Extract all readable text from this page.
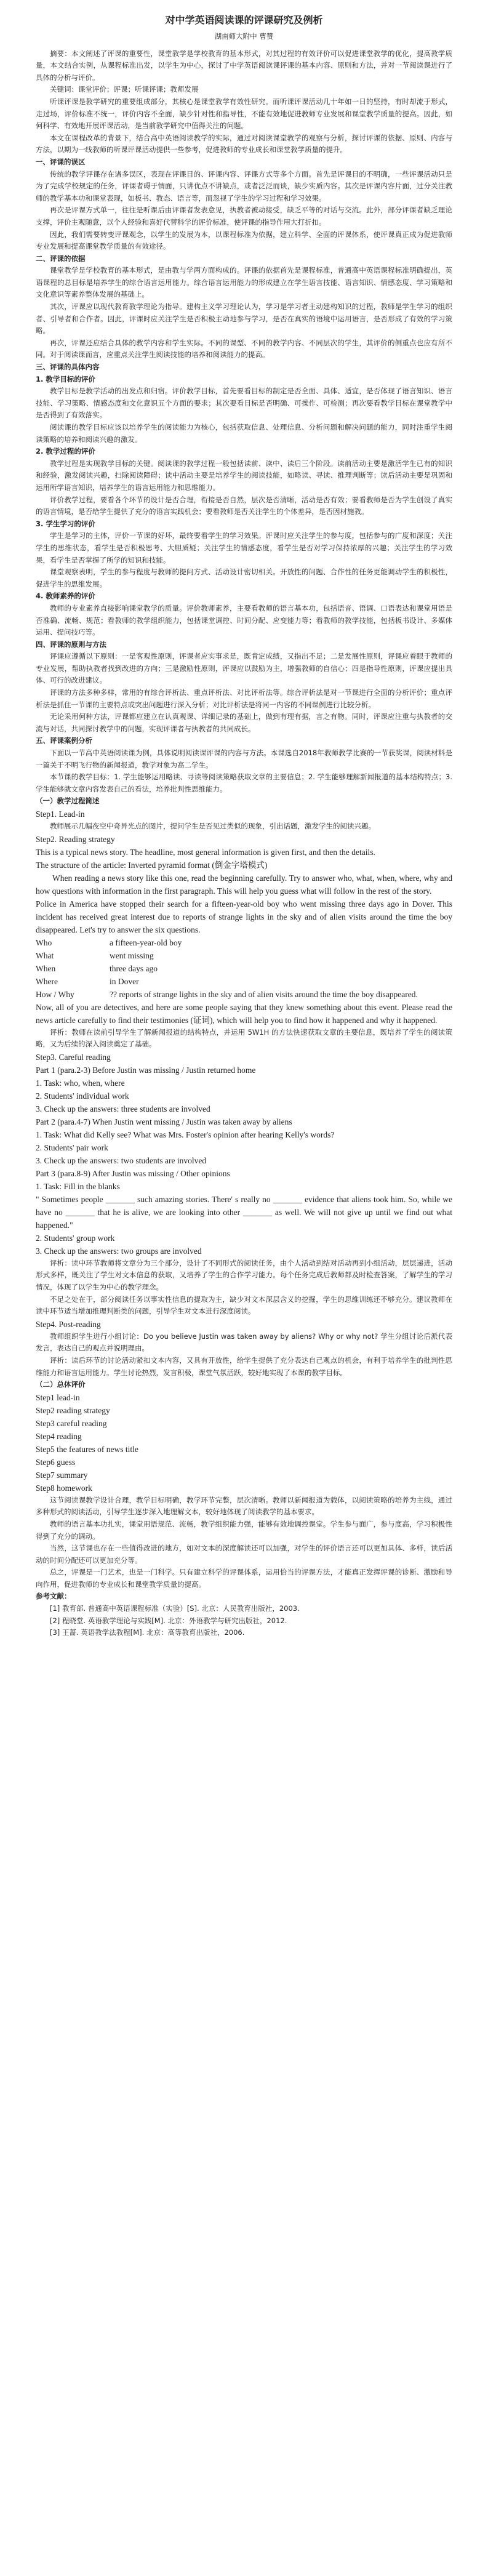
对中学英语阅读课的评课研究及例析
湖南师大附中 曹赞

摘要：本文阐述了评课的重要性，课堂教学是学校教育的基本形式，对其过程的有效评价可以促进课堂教学的优化，提高教学质量，本文结合实例，从课程标准出发，以学生为中心，探讨了中学英语阅读课评课的基本内容、原则和方法，并对一节阅读课进行了具体的分析与评价。

关键词：课堂评价；评课；听课评课；教师发展

听课评课是教学研究的重要组成部分，其核心是课堂教学有效性研究。而听课评课活动几十年如一日的坚持，有时却流于形式，走过场，评价标准不统一，评价内容不全面，缺少针对性和指导性，不能有效地促进教师专业发展和课堂教学质量的提高。因此，如何科学、有效地开展评课活动，是当前教学研究中值得关注的问题。

本文在课程改革的背景下，结合高中英语阅读教学的实际，通过对阅读课堂教学的观察与分析，探讨评课的依据、原则、内容与方法，以期为一线教师的听课评课活动提供一些参考，促进教师的专业成长和课堂教学质量的提升。

一、评课的误区

传统的教学评课存在诸多误区，表现在评课目的、评课内容、评课方式等多个方面。首先是评课目的不明确，一些评课活动只是为了完成学校规定的任务，评课者碍于情面，只讲优点不讲缺点，或者泛泛而谈，缺少实质内容。其次是评课内容片面，过分关注教师的教学基本功和课堂表现，如板书、教态、语言等，而忽视了学生的学习过程和学习效果。

再次是评课方式单一，往往是听课后由评课者发表意见，执教者被动接受，缺乏平等的对话与交流。此外，部分评课者缺乏理论支撑，评价主观随意，以个人经验和喜好代替科学的评价标准，使评课的指导作用大打折扣。

因此，我们需要转变评课观念，以学生的发展为本，以课程标准为依据，建立科学、全面的评课体系，使评课真正成为促进教师专业发展和提高课堂教学质量的有效途径。

二、评课的依据

课堂教学是学校教育的基本形式，是由教与学两方面构成的。评课的依据首先是课程标准，普通高中英语课程标准明确提出，英语课程的总目标是培养学生的综合语言运用能力。综合语言运用能力的形成建立在学生语言技能、语言知识、情感态度、学习策略和文化意识等素养整体发展的基础上。

其次，评课应以现代教育教学理论为指导。建构主义学习理论认为，学习是学习者主动建构知识的过程，教师是学生学习的组织者、引导者和合作者。因此，评课时应关注学生是否积极主动地参与学习，是否在真实的语境中运用语言，是否形成了有效的学习策略。

再次，评课还应结合具体的教学内容和学生实际。不同的课型、不同的教学内容、不同层次的学生，其评价的侧重点也应有所不同。对于阅读课而言，应重点关注学生阅读技能的培养和阅读能力的提高。

三、评课的具体内容

1. 教学目标的评价

教学目标是教学活动的出发点和归宿。评价教学目标，首先要看目标的制定是否全面、具体、适宜，是否体现了语言知识、语言技能、学习策略、情感态度和文化意识五个方面的要求；其次要看目标是否明确、可操作、可检测；再次要看教学目标在课堂教学中是否得到了有效落实。

阅读课的教学目标应该以培养学生的阅读能力为核心，包括获取信息、处理信息、分析问题和解决问题的能力，同时注重学生阅读策略的培养和阅读兴趣的激发。

2. 教学过程的评价

教学过程是实现教学目标的关键。阅读课的教学过程一般包括读前、读中、读后三个阶段。读前活动主要是激活学生已有的知识和经验，激发阅读兴趣，扫除阅读障碍；读中活动主要是培养学生的阅读技能，如略读、寻读、推理判断等；读后活动主要是巩固和运用所学语言知识，培养学生的语言运用能力和思维能力。

评价教学过程，要看各个环节的设计是否合理，衔接是否自然，层次是否清晰，活动是否有效；要看教师是否为学生创设了真实的语言情境，是否给学生提供了充分的语言实践机会；要看教师是否关注学生的个体差异，是否因材施教。

3. 学生学习的评价

学生是学习的主体，评价一节课的好坏，最终要看学生的学习效果。评课时应关注学生的参与度，包括参与的广度和深度；关注学生的思维状态，看学生是否积极思考、大胆质疑；关注学生的情感态度，看学生是否对学习保持浓厚的兴趣；关注学生的学习效果，看学生是否掌握了所学的知识和技能。

课堂观察表明，学生的参与程度与教师的提问方式、活动设计密切相关。开放性的问题、合作性的任务更能调动学生的积极性，促进学生的思维发展。

4. 教师素养的评价

教师的专业素养直接影响课堂教学的质量。评价教师素养，主要看教师的语言基本功，包括语音、语调、口语表达和课堂用语是否准确、流畅、规范；看教师的教学组织能力，包括课堂调控、时间分配、应变能力等；看教师的教学技能，包括板书设计、多媒体运用、提问技巧等。

四、评课的原则与方法

评课应遵循以下原则：一是客观性原则，评课者应实事求是，既肯定成绩，又指出不足；二是发展性原则，评课应着眼于教师的专业发展，帮助执教者找到改进的方向；三是激励性原则，评课应以鼓励为主，增强教师的自信心；四是指导性原则，评课应提出具体、可行的改进建议。

评课的方法多种多样，常用的有综合评析法、重点评析法、对比评析法等。综合评析法是对一节课进行全面的分析评价；重点评析法是抓住一节课的主要特点或突出问题进行深入分析；对比评析法是将同一内容的不同课例进行比较分析。

无论采用何种方法，评课都应建立在认真观课、详细记录的基础上，做到有理有据，言之有物。同时，评课应注重与执教者的交流与对话，共同探讨教学中的问题，实现评课者与执教者的共同成长。

五、评课案例分析

下面以一节高中英语阅读课为例，具体说明阅读课评课的内容与方法。本课选自2018年教师教学比赛的一节获奖课，阅读材料是一篇关于不明飞行物的新闻报道，教学对象为高二学生。

本节课的教学目标：1. 学生能够运用略读、寻读等阅读策略获取文章的主要信息；2. 学生能够理解新闻报道的基本结构特点；3. 学生能够就文章内容发表自己的看法，培养批判性思维能力。

（一）教学过程简述

Step1. Lead-in

教师展示几幅夜空中奇异光点的图片，提问学生是否见过类似的现象，引出话题，激发学生的阅读兴趣。

Step2. Reading strategy

This is a typical news story. The headline, most general information is given first, and then the details.

The structure of the article: Inverted pyramid format (倒金字塔模式)

When reading a news story like this one, read the beginning carefully. Try to answer who, what, when, where, why and how questions with information in the first paragraph. This will help you guess what will follow in the rest of the story.

Police in America have stopped their search for a fifteen-year-old boy who went missing three days ago in Dover. This incident has received great interest due to reports of strange lights in the sky and of alien visits around the time the boy disappeared. Let's try to answer the six questions.

Who	a fifteen-year-old boy
What	went missing
When	three days ago
Where	in Dover
How / Why	?? reports of strange lights in the sky and of alien visits around the time the boy disappeared.

Now, all of you are detectives, and here are some people saying that they knew something about this event. Please read the news article carefully to find their testimonies (证词), which will help you to find how it happened and why it happened.

评析：教师在读前引导学生了解新闻报道的结构特点，并运用 5W1H 的方法快速获取文章的主要信息，既培养了学生的阅读策略，又为后续的深入阅读奠定了基础。

Step3. Careful reading

Part 1 (para.2-3) Before Justin was missing / Justin returned home

1. Task: who, when, where

2. Students' individual work

3. Check up the answers: three students are involved

Part 2 (para.4-7) When Justin went missing / Justin was taken away by aliens

1. Task: What did Kelly see? What was Mrs. Foster's opinion after hearing Kelly's words?

2. Students' pair work

3. Check up the answers: two students are involved

Part 3 (para.8-9) After Justin was missing / Other opinions

1. Task: Fill in the blanks

" Sometimes people _______ such amazing stories. There' s really no _______ evidence that aliens took him. So, while we have no _______ that he is alive, we are looking into other _______ as well. We will not give up until we find out what happened."

2. Students' group work

3. Check up the answers: two groups are involved

评析：读中环节教师将文章分为三个部分，设计了不同形式的阅读任务，由个人活动到结对活动再到小组活动，层层递进，活动形式多样，既关注了学生对文本信息的获取，又培养了学生的合作学习能力。每个任务完成后教师都及时检查答案，了解学生的学习情况，体现了以学生为中心的教学理念。

不足之处在于，部分阅读任务以事实性信息的提取为主，缺少对文本深层含义的挖掘，学生的思维训练还不够充分。建议教师在读中环节适当增加推理判断类的问题，引导学生对文本进行深度阅读。

Step4. Post-reading

教师组织学生进行小组讨论：Do you believe Justin was taken away by aliens? Why or why not? 学生分组讨论后派代表发言，表达自己的观点并说明理由。

评析：读后环节的讨论活动紧扣文本内容，又具有开放性，给学生提供了充分表达自己观点的机会，有利于培养学生的批判性思维能力和语言运用能力。学生讨论热烈，发言积极，课堂气氛活跃，较好地实现了本课的教学目标。

（二）总体评价

Step1 lead-in

Step2 reading strategy

Step3 careful reading

Step4 reading

Step5 the features of news title

Step6 guess

Step7 summary

Step8 homework

这节阅读课教学设计合理，教学目标明确，教学环节完整，层次清晰。教师以新闻报道为载体，以阅读策略的培养为主线，通过多种形式的阅读活动，引导学生逐步深入地理解文本，较好地体现了阅读教学的基本要求。

教师的语言基本功扎实，课堂用语规范、流畅，教学组织能力强，能够有效地调控课堂。学生参与面广，参与度高，学习积极性得到了充分的调动。

当然，这节课也存在一些值得改进的地方，如对文本的深度解读还可以加强，对学生的评价语言还可以更加具体、多样，读后活动的时间分配还可以更加充分等。

总之，评课是一门艺术，也是一门科学。只有建立科学的评课体系，运用恰当的评课方法，才能真正发挥评课的诊断、激励和导向作用，促进教师的专业成长和课堂教学质量的提高。

参考文献：

[1] 教育部. 普通高中英语课程标准（实验）[S]. 北京：人民教育出版社，2003.

[2] 程晓堂. 英语教学理论与实践[M]. 北京：外语教学与研究出版社，2012.

[3] 王蔷. 英语教学法教程[M]. 北京：高等教育出版社，2006.
